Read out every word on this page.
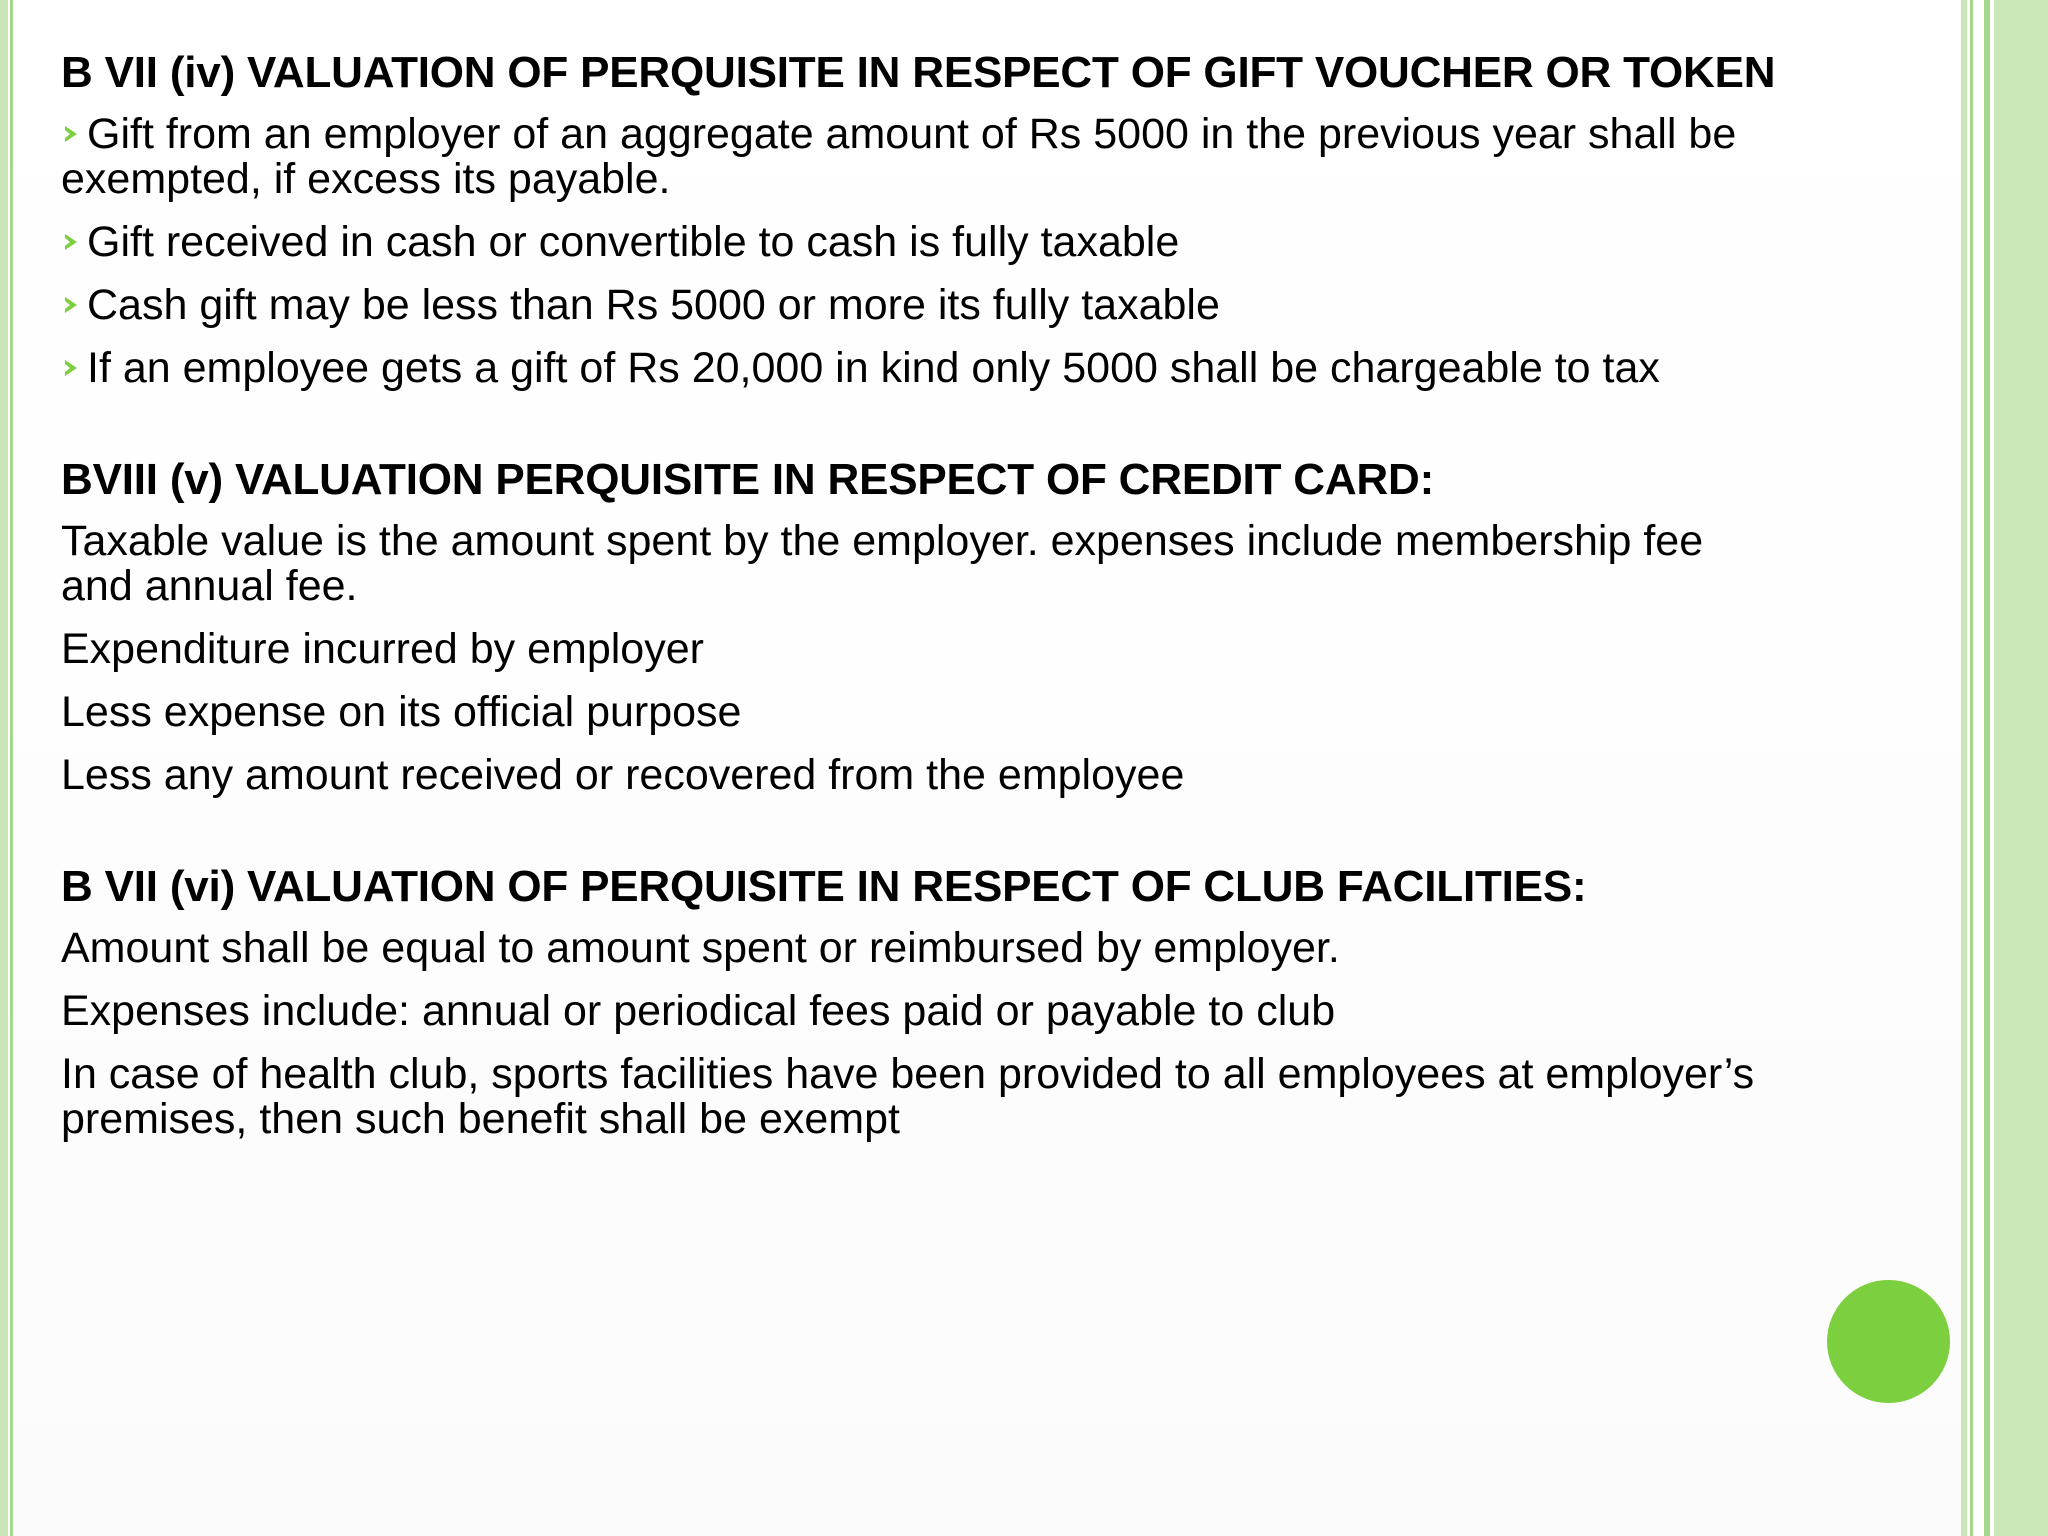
B VII (iv) VALUATION OF PERQUISITE IN RESPECT OF GIFT VOUCHER OR TOKEN
Gift from an employer of an aggregate amount of Rs 5000 in the previous year shall be
exempted, if excess its payable.
Gift received in cash or convertible to cash is fully taxable
Cash gift may be less than Rs 5000 or more its fully taxable
If an employee gets a gift of Rs 20,000 in kind only 5000 shall be chargeable to tax
BVIII (v) VALUATION PERQUISITE IN RESPECT OF CREDIT CARD:
Taxable value is the amount spent by the employer. expenses include membership fee
and annual fee.
Expenditure incurred by employer
Less expense on its official purpose
Less any amount received or recovered from the employee
B VII (vi) VALUATION OF PERQUISITE IN RESPECT OF CLUB FACILITIES:
Amount shall be equal to amount spent or reimbursed by employer.
Expenses include: annual or periodical fees paid or payable to club
In case of health club, sports facilities have been provided to all employees at employer’s
premises, then such benefit shall be exempt
